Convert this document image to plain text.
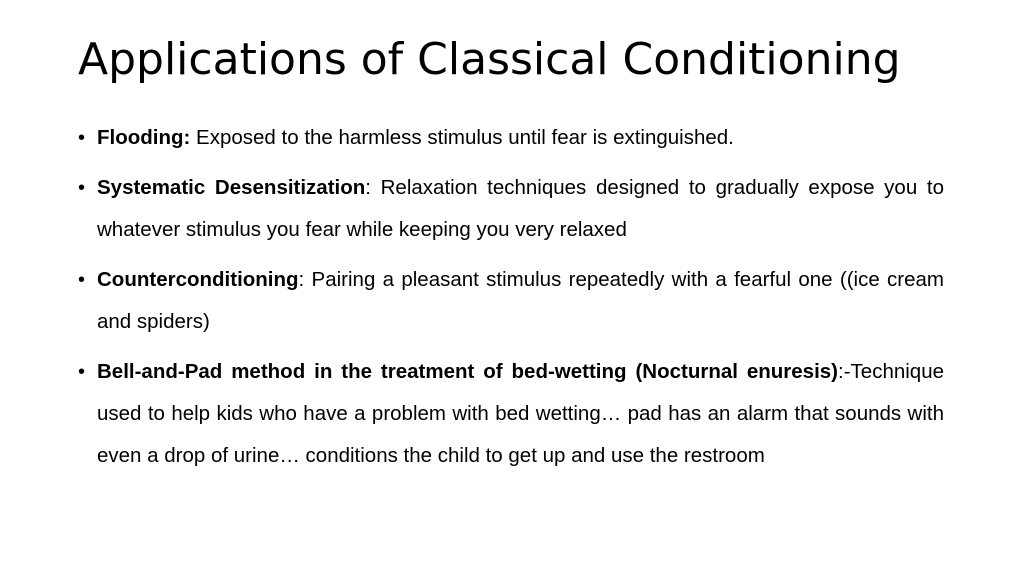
Applications of Classical Conditioning
• Flooding: Exposed to the harmless stimulus until fear is extinguished.
• Systematic Desensitization: Relaxation techniques designed to gradually expose you to whatever stimulus you fear while keeping you very relaxed
• Counterconditioning: Pairing a pleasant stimulus repeatedly with a fearful one ((ice cream and spiders)
• Bell-and-Pad method in the treatment of bed-wetting (Nocturnal enuresis):-Technique used to help kids who have a problem with bed wetting… pad has an alarm that sounds with even a drop of urine… conditions the child to get up and use the restroom
